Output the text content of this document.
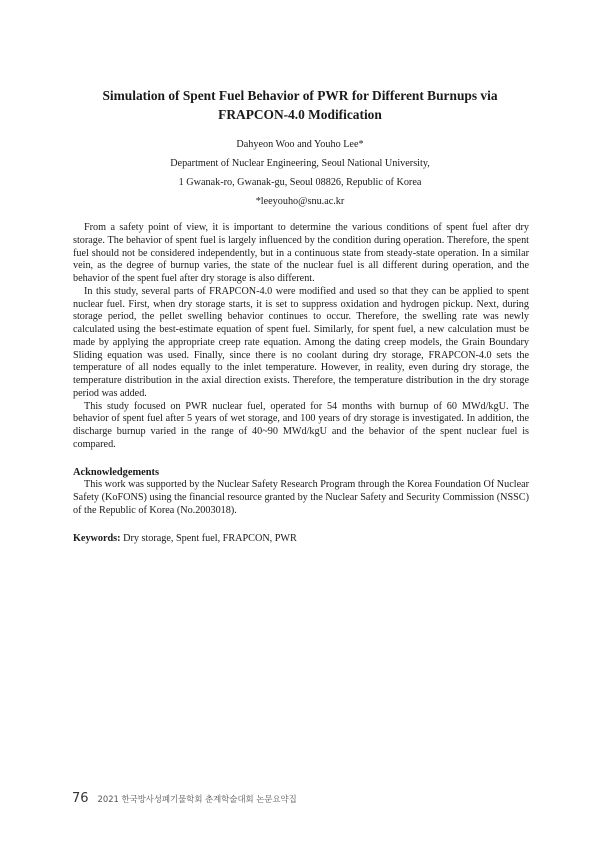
Simulation of Spent Fuel Behavior of PWR for Different Burnups via
FRAPCON-4.0 Modification
Dahyeon Woo and Youho Lee*
Department of Nuclear Engineering, Seoul National University,
1 Gwanak-ro, Gwanak-gu, Seoul 08826, Republic of Korea
*leeyouho@snu.ac.kr

From a safety point of view, it is important to determine the various conditions of spent fuel after dry storage. The behavior of spent fuel is largely influenced by the condition during operation. Therefore, the spent fuel should not be considered independently, but in a continuous state from steady-state operation. In a similar vein, as the degree of burnup varies, the state of the nuclear fuel is all different during operation, and the behavior of the spent fuel after dry storage is also different.

In this study, several parts of FRAPCON-4.0 were modified and used so that they can be applied to spent nuclear fuel. First, when dry storage starts, it is set to suppress oxidation and hydrogen pickup. Next, during storage period, the pellet swelling behavior continues to occur. Therefore, the swelling rate was newly calculated using the best-estimate equation of spent fuel. Similarly, for spent fuel, a new calculation must be made by applying the appropriate creep rate equation. Among the dating creep models, the Grain Boundary Sliding equation was used. Finally, since there is no coolant during dry storage, FRAPCON-4.0 sets the temperature of all nodes equally to the inlet temperature. However, in reality, even during dry storage, the temperature distribution in the axial direction exists. Therefore, the temperature distribution in the dry storage period was added.

This study focused on PWR nuclear fuel, operated for 54 months with burnup of 60 MWd/kgU. The behavior of spent fuel after 5 years of wet storage, and 100 years of dry storage is investigated. In addition, the discharge burnup varied in the range of 40~90 MWd/kgU and the behavior of the spent nuclear fuel is compared.

Acknowledgements

This work was supported by the Nuclear Safety Research Program through the Korea Foundation Of Nuclear Safety (KoFONS) using the financial resource granted by the Nuclear Safety and Security Commission (NSSC) of the Republic of Korea (No.2003018).

Keywords: Dry storage, Spent fuel, FRAPCON, PWR
76 2021 한국방사성폐기물학회 춘계학술대회 논문요약집
